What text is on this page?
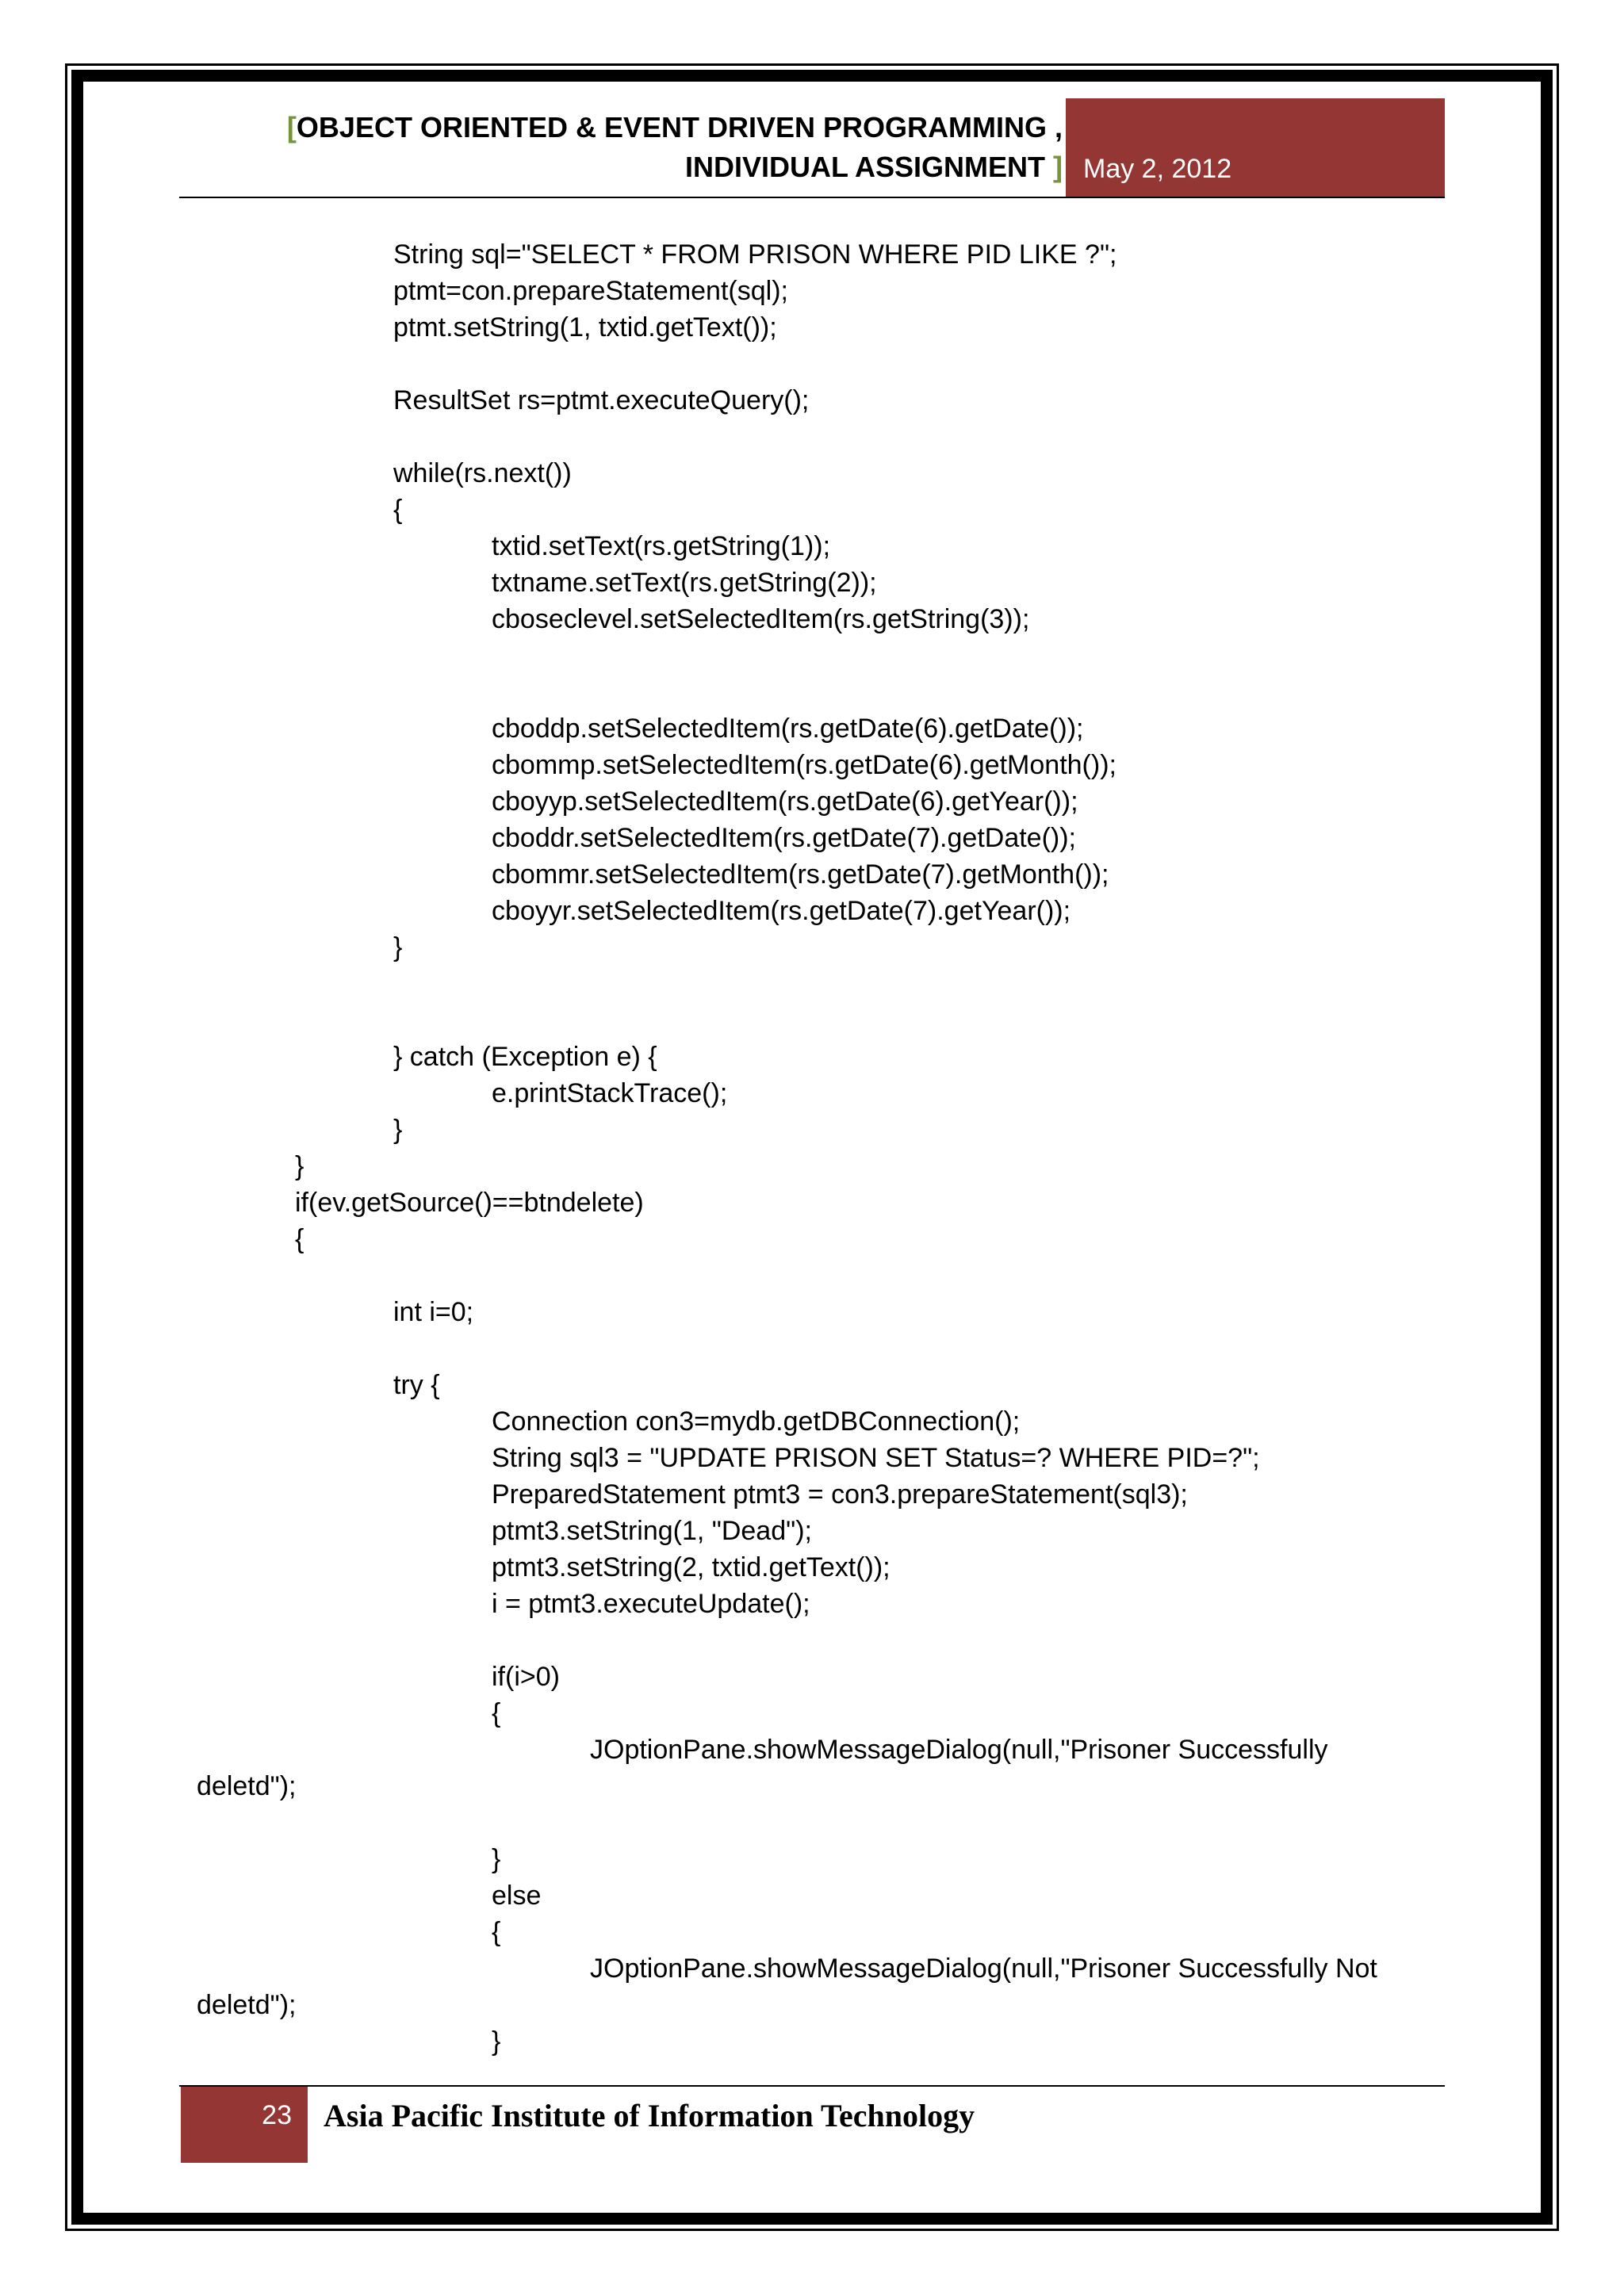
[OBJECT ORIENTED & EVENT DRIVEN PROGRAMMING ,
INDIVIDUAL ASSIGNMENT ] May 2, 2012
String sql="SELECT * FROM PRISON WHERE PID LIKE ?";
ptmt=con.prepareStatement(sql);
ptmt.setString(1, txtid.getText());
ResultSet rs=ptmt.executeQuery();
while(rs.next())
{
txtid.setText(rs.getString(1));
txtname.setText(rs.getString(2));
cboseclevel.setSelectedItem(rs.getString(3));
cboddp.setSelectedItem(rs.getDate(6).getDate());
cbommp.setSelectedItem(rs.getDate(6).getMonth());
cboyyp.setSelectedItem(rs.getDate(6).getYear());
cboddr.setSelectedItem(rs.getDate(7).getDate());
cbommr.setSelectedItem(rs.getDate(7).getMonth());
cboyyr.setSelectedItem(rs.getDate(7).getYear());
}
} catch (Exception e) {
e.printStackTrace();
}
}
if(ev.getSource()==btndelete)
{
int i=0;
try {
Connection con3=mydb.getDBConnection();
String sql3 = "UPDATE PRISON SET Status=? WHERE PID=?";
PreparedStatement ptmt3 = con3.prepareStatement(sql3);
ptmt3.setString(1, "Dead");
ptmt3.setString(2, txtid.getText());
i = ptmt3.executeUpdate();
if(i>0)
{
JOptionPane.showMessageDialog(null,"Prisoner Successfully
deletd");
}
else
{
JOptionPane.showMessageDialog(null,"Prisoner Successfully Not
deletd");
}
23 Asia Pacific Institute of Information Technology
